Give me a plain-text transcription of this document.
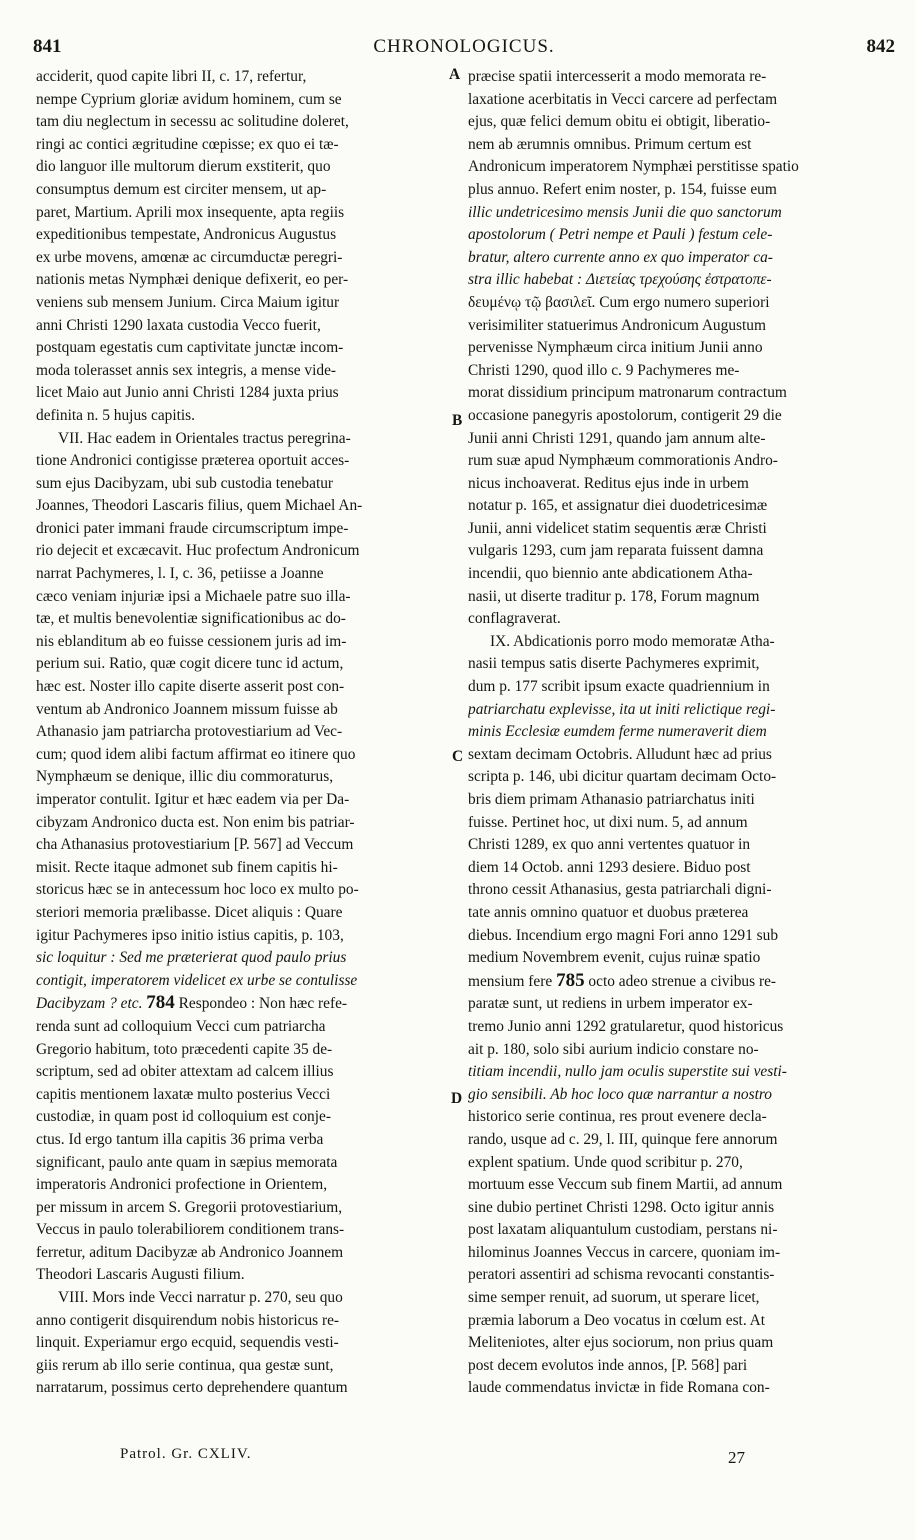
841	CHRONOLOGICUS.	842
A
B
C
D
acciderit, quod capite libri II, c. 17, refertur,
nempe Cyprium gloriæ avidum hominem, cum se
tam diu neglectum in secessu ac solitudine doleret,
ringi ac contici ægritudine cœpisse; ex quo ei tæ-
dio languor ille multorum dierum exstiterit, quo
consumptus demum est circiter mensem, ut ap-
paret, Martium. Aprili mox insequente, apta regiis
expeditionibus tempestate, Andronicus Augustus
ex urbe movens, amœnæ ac circumductæ peregri-
nationis metas Nymphæi denique defixerit, eo per-
veniens sub mensem Junium. Circa Maium igitur
anni Christi 1290 laxata custodia Vecco fuerit,
postquam egestatis cum captivitate junctæ incom-
moda tolerasset annis sex integris, a mense vide-
licet Maio aut Junio anni Christi 1284 juxta prius
definita n. 5 hujus capitis.
VII. Hac eadem in Orientales tractus peregrina-
tione Andronici contigisse præterea oportuit acces-
sum ejus Dacibyzam, ubi sub custodia tenebatur
Joannes, Theodori Lascaris filius, quem Michael An-
dronici pater immani fraude circumscriptum impe-
rio dejecit et excæcavit. Huc profectum Andronicum
narrat Pachymeres, l. I, c. 36, petiisse a Joanne
cæco veniam injuriæ ipsi a Michaele patre suo illa-
tæ, et multis benevolentiæ significationibus ac do-
nis eblanditum ab eo fuisse cessionem juris ad im-
perium sui. Ratio, quæ cogit dicere tunc id actum,
hæc est. Noster illo capite diserte asserit post con-
ventum ab Andronico Joannem missum fuisse ab
Athanasio jam patriarcha protovestiarium ad Vec-
cum; quod idem alibi factum affirmat eo itinere quo
Nymphæum se denique, illic diu commoraturus,
imperator contulit. Igitur et hæc eadem via per Da-
cibyzam Andronico ducta est. Non enim bis patriar-
cha Athanasius protovestiarium [P. 567] ad Veccum
misit. Recte itaque admonet sub finem capitis hi-
storicus hæc se in antecessum hoc loco ex multo po-
steriori memoria prælibasse. Dicet aliquis : Quare
igitur Pachymeres ipso initio istius capitis, p. 103,
sic loquitur : Sed me præterierat quod paulo prius
contigit, imperatorem videlicet ex urbe se contulisse
Dacibyzam ? etc. 784 Respondeo : Non hæc refe-
renda sunt ad colloquium Vecci cum patriarcha
Gregorio habitum, toto præcedenti capite 35 de-
scriptum, sed ad obiter attextam ad calcem illius
capitis mentionem laxatæ multo posterius Vecci
custodiæ, in quam post id colloquium est conje-
ctus. Id ergo tantum illa capitis 36 prima verba
significant, paulo ante quam in sæpius memorata
imperatoris Andronici profectione in Orientem,
per missum in arcem S. Gregorii protovestiarium,
Veccus in paulo tolerabiliorem conditionem trans-
ferretur, aditum Dacibyzæ ab Andronico Joannem
Theodori Lascaris Augusti filium.
VIII. Mors inde Vecci narratur p. 270, seu quo
anno contigerit disquirendum nobis historicus re-
linquit. Experiamur ergo ecquid, sequendis vesti-
giis rerum ab illo serie continua, qua gestæ sunt,
narratarum, possimus certo deprehendere quantum
præcise spatii intercesserit a modo memorata re-
laxatione acerbitatis in Vecci carcere ad perfectam
ejus, quæ felici demum obitu ei obtigit, liberatio-
nem ab ærumnis omnibus. Primum certum est
Andronicum imperatorem Nymphæi perstitisse spatio
plus annuo. Refert enim noster, p. 154, fuisse eum
illic undetricesimo mensis Junii die quo sanctorum
apostolorum ( Petri nempe et Pauli ) festum cele-
bratur, altero currente anno ex quo imperator ca-
stra illic habebat : Διετείας τρεχούσης ἐστρατοπε-
δευμένῳ τῷ βασιλεῖ. Cum ergo numero superiori
verisimiliter statuerimus Andronicum Augustum
pervenisse Nymphæum circa initium Junii anno
Christi 1290, quod illo c. 9 Pachymeres me-
morat dissidium principum matronarum contractum
occasione panegyris apostolorum, contigerit 29 die
Junii anni Christi 1291, quando jam annum alte-
rum suæ apud Nymphæum commorationis Andro-
nicus inchoaverat. Reditus ejus inde in urbem
notatur p. 165, et assignatur diei duodetricesimæ
Junii, anni videlicet statim sequentis æræ Christi
vulgaris 1293, cum jam reparata fuissent damna
incendii, quo biennio ante abdicationem Atha-
nasii, ut diserte traditur p. 178, Forum magnum
conflagraverat.
IX. Abdicationis porro modo memoratæ Atha-
nasii tempus satis diserte Pachymeres exprimit,
dum p. 177 scribit ipsum exacte quadriennium in
patriarchatu explevisse, ita ut initi relictique regi-
minis Ecclesiæ eumdem ferme numeraverit diem
sextam decimam Octobris. Alludunt hæc ad prius
scripta p. 146, ubi dicitur quartam decimam Octo-
bris diem primam Athanasio patriarchatus initi
fuisse. Pertinet hoc, ut dixi num. 5, ad annum
Christi 1289, ex quo anni vertentes quatuor in
diem 14 Octob. anni 1293 desiere. Biduo post
throno cessit Athanasius, gesta patriarchali digni-
tate annis omnino quatuor et duobus præterea
diebus. Incendium ergo magni Fori anno 1291 sub
medium Novembrem evenit, cujus ruinæ spatio
mensium fere 785 octo adeo strenue a civibus re-
paratæ sunt, ut rediens in urbem imperator ex-
tremo Junio anni 1292 gratularetur, quod historicus
ait p. 180, solo sibi aurium indicio constare no-
titiam incendii, nullo jam oculis superstite sui vesti-
gio sensibili. Ab hoc loco quæ narrantur a nostro
historico serie continua, res prout evenere decla-
rando, usque ad c. 29, l. III, quinque fere annorum
explent spatium. Unde quod scribitur p. 270,
mortuum esse Veccum sub finem Martii, ad annum
sine dubio pertinet Christi 1298. Octo igitur annis
post laxatam aliquantulum custodiam, perstans ni-
hilominus Joannes Veccus in carcere, quoniam im-
peratori assentiri ad schisma revocanti constantis-
sime semper renuit, ad suorum, ut sperare licet,
præmia laborum a Deo vocatus in cœlum est. At
Meliteniotes, alter ejus sociorum, non prius quam
post decem evolutos inde annos, [P. 568] pari
laude commendatus invictæ in fide Romana con-
Patrol. Gr. CXLIV.	27
